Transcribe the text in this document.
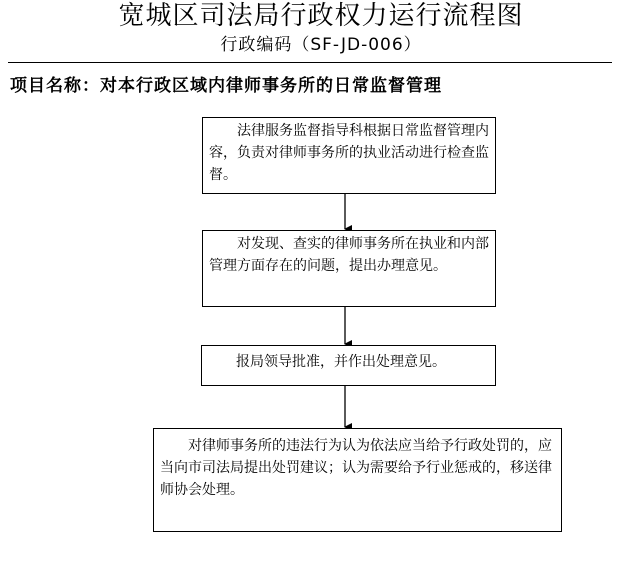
宽城区司法局行政权力运行流程图
行政编码（SF-JD-006）
项目名称：对本行政区域内律师事务所的日常监督管理
法律服务监督指导科根据日常监督管理内容，负责对律师事务所的执业活动进行检查监督。
对发现、查实的律师事务所在执业和内部管理方面存在的问题，提出办理意见。
报局领导批准，并作出处理意见。
对律师事务所的违法行为认为依法应当给予行政处罚的，应当向市司法局提出处罚建议；认为需要给予行业惩戒的，移送律师协会处理。
